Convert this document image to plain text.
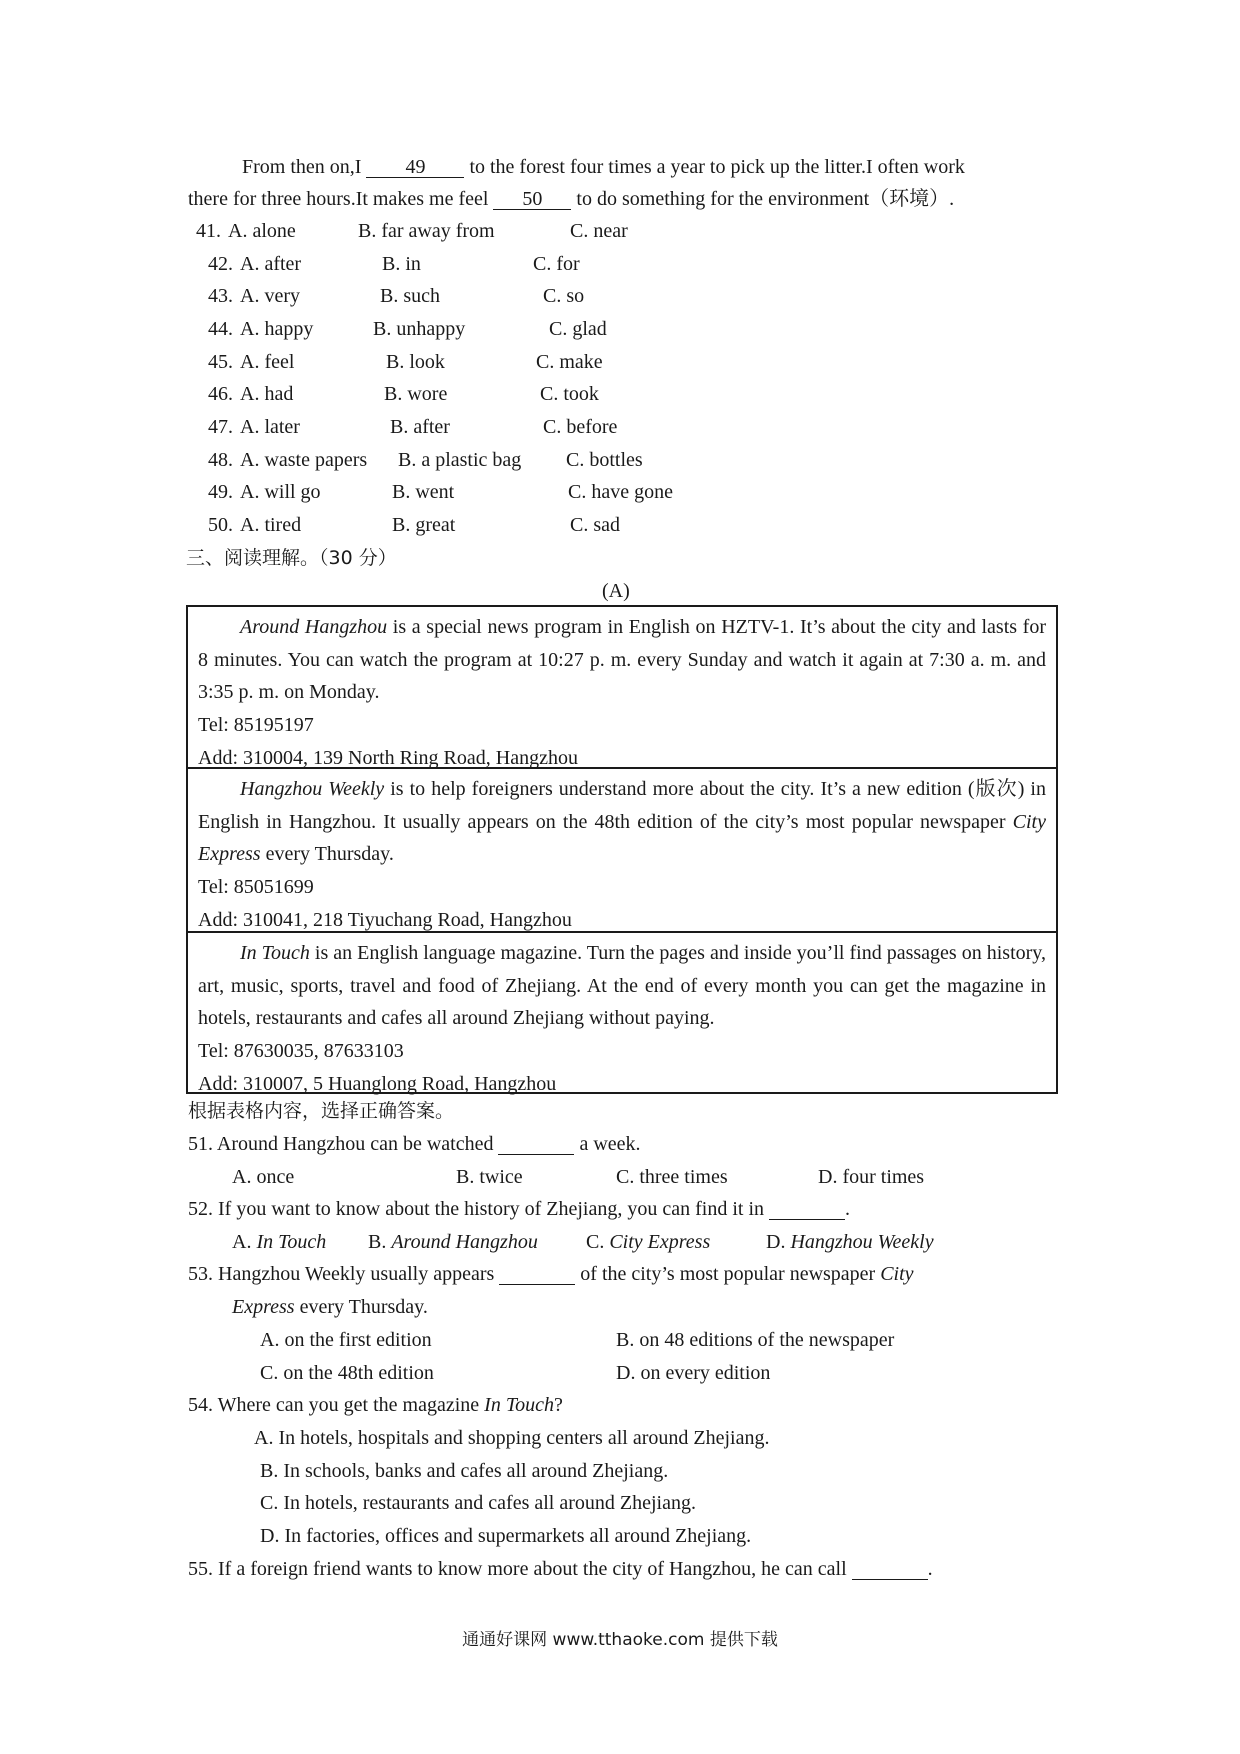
From then on,I 49 to the forest four times a year to pick up the litter.I often work
there for three hours.It makes me feel 50 to do something for the environment（环境）.
41. A. alone	B. far away from	C. near
42. A. after	B. in	C. for
43. A. very	B. such	C. so
44. A. happy	B. unhappy	C. glad
45. A. feel	B. look	C. make
46. A. had	B. wore	C. took
47. A. later	B. after	C. before
48. A. waste papers B. a plastic bag C. bottles
49. A. will go	B. went	C. have gone
50. A. tired	B. great	C. sad
三、阅读理解。（30 分）
(A)

Around Hangzhou is a special news program in English on HZTV-1. It’s about the city and lasts for 8 minutes. You can watch the program at 10:27 p. m. every Sunday and watch it again at 7:30 a. m. and 3:35 p. m. on Monday.

Tel: 85195197

Add: 310004, 139 North Ring Road, Hangzhou

Hangzhou Weekly is to help foreigners understand more about the city. It’s a new edition (版次) in English in Hangzhou. It usually appears on the 48th edition of the city’s most popular newspaper City Express every Thursday.

Tel: 85051699

Add: 310041, 218 Tiyuchang Road, Hangzhou

In Touch is an English language magazine. Turn the pages and inside you’ll find passages on history, art, music, sports, travel and food of Zhejiang. At the end of every month you can get the magazine in hotels, restaurants and cafes all around Zhejiang without paying.

Tel: 87630035, 87633103

Add: 310007, 5 Huanglong Road, Hangzhou

根据表格内容，选择正确答案。
51. Around Hangzhou can be watched	a week.
A. once	B. twice	C. three times	D. four times
52. If you want to know about the history of Zhejiang, you can find it in	.
A. In Touch B. Around Hangzhou C. City Express	D. Hangzhou Weekly
53. Hangzhou Weekly usually appears	of the city’s most popular newspaper City
Express every Thursday.
A. on the first edition	B. on 48 editions of the newspaper
C. on the 48th edition	D. on every edition
54. Where can you get the magazine In Touch?
A. In hotels, hospitals and shopping centers all around Zhejiang.
B. In schools, banks and cafes all around Zhejiang.
C. In hotels, restaurants and cafes all around Zhejiang.
D. In factories, offices and supermarkets all around Zhejiang.
55. If a foreign friend wants to know more about the city of Hangzhou, he can call	.
通通好课网 www.tthaoke.com 提供下载
